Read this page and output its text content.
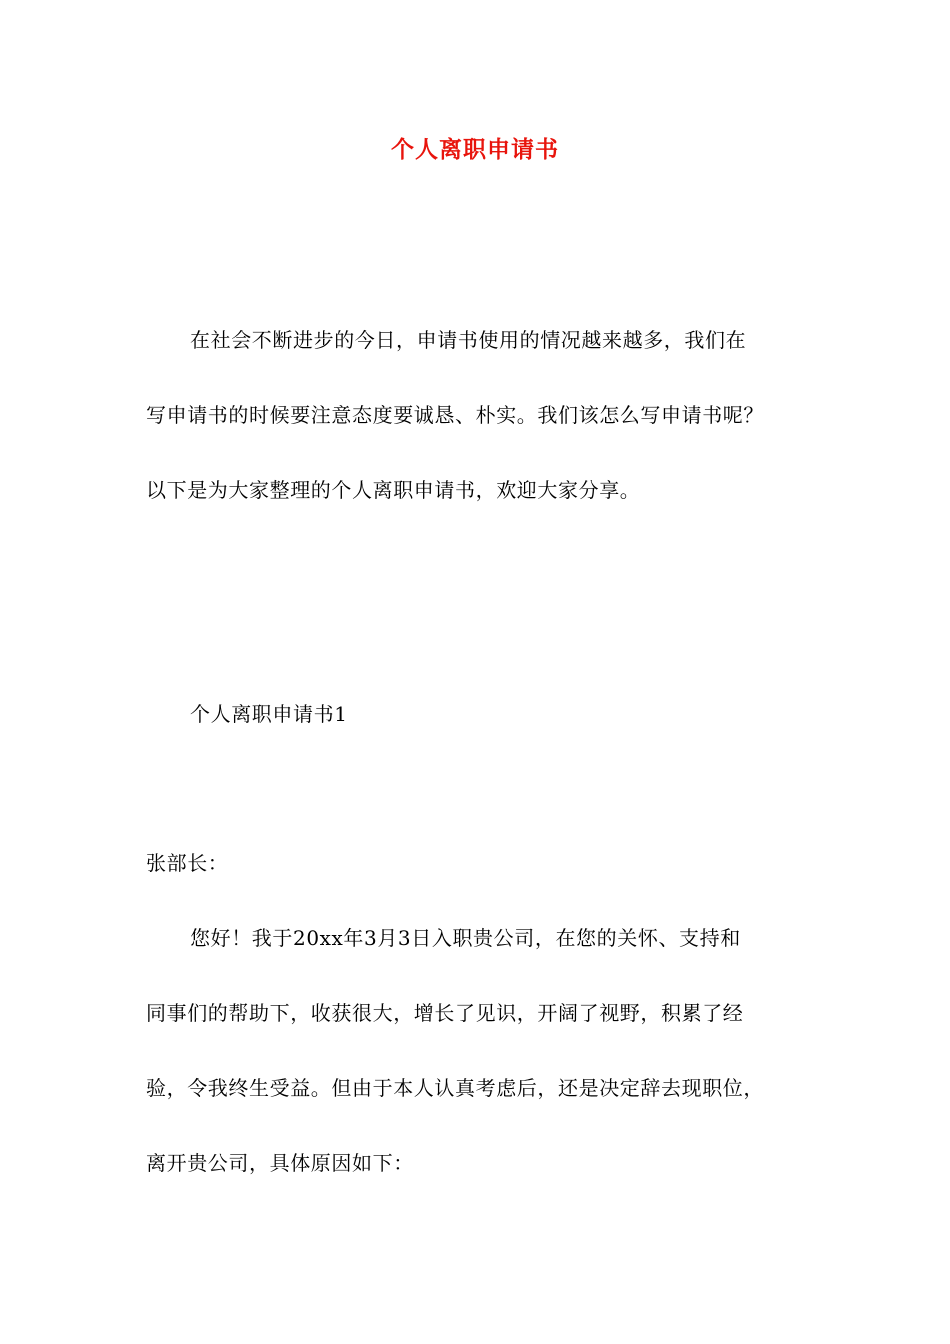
个人离职申请书
在社会不断进步的今日，申请书使用的情况越来越多，我们在
写申请书的时候要注意态度要诚恳、朴实。我们该怎么写申请书呢？
以下是为大家整理的个人离职申请书，欢迎大家分享。
个人离职申请书1
张部长：
您好！我于20xx年3月3日入职贵公司，在您的关怀、支持和
同事们的帮助下，收获很大，增长了见识，开阔了视野，积累了经
验，令我终生受益。但由于本人认真考虑后，还是决定辞去现职位，
离开贵公司，具体原因如下：
